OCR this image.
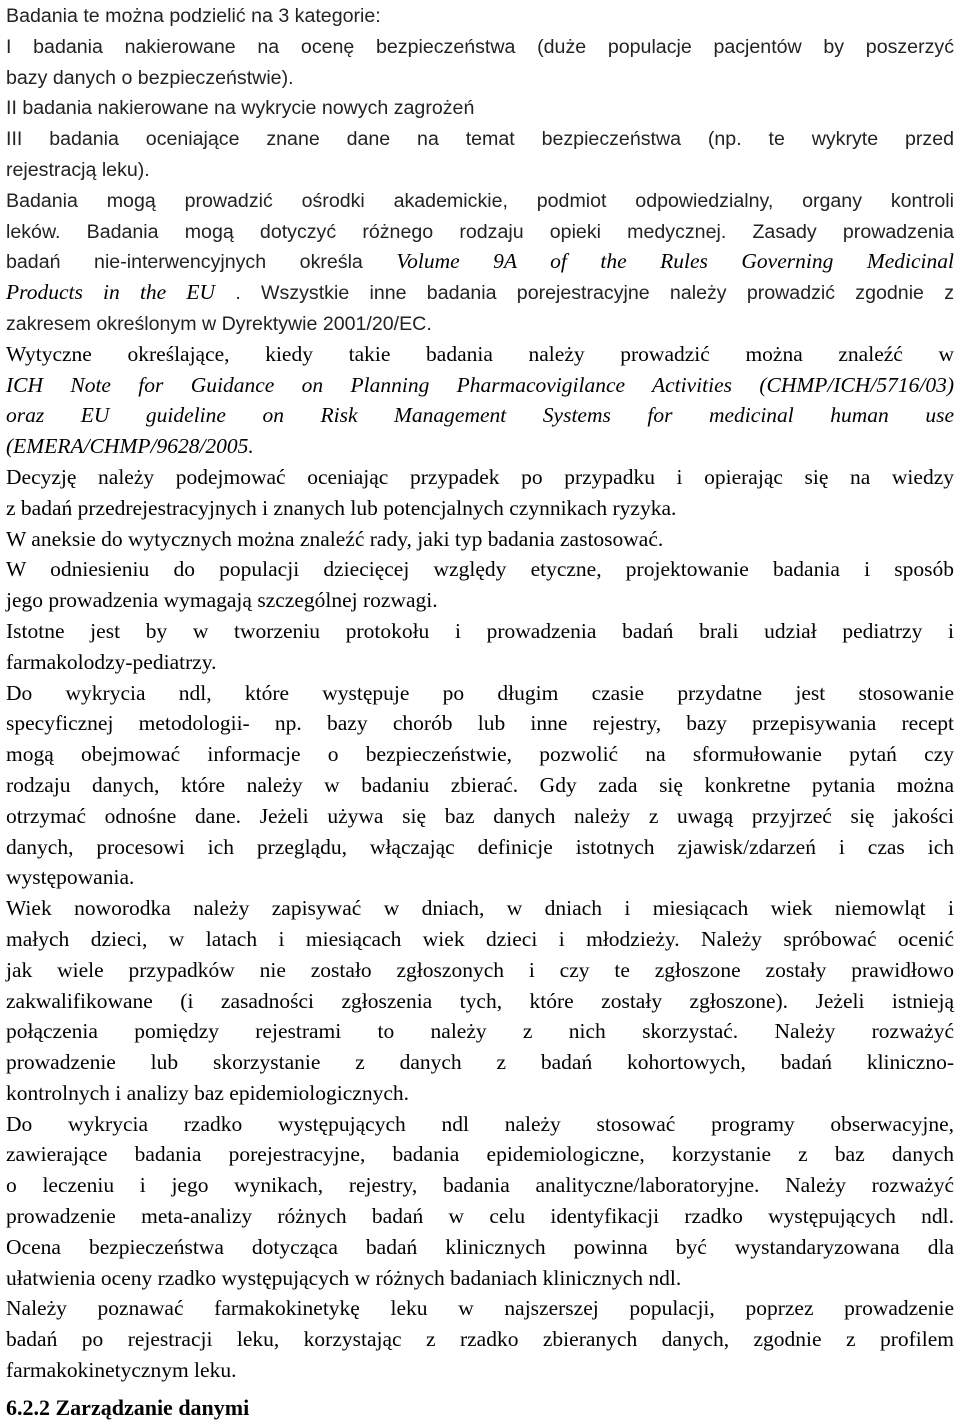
Badania te można podzielić na 3 kategorie:
I badania nakierowane na ocenę bezpieczeństwa (duże populacje pacjentów by poszerzyć
bazy danych o bezpieczeństwie).
II badania nakierowane na wykrycie nowych zagrożeń
III badania oceniające znane dane na temat bezpieczeństwa (np. te wykryte przed
rejestracją leku).
Badania mogą prowadzić ośrodki akademickie, podmiot odpowiedzialny, organy kontroli
leków. Badania mogą dotyczyć różnego rodzaju opieki medycznej. Zasady prowadzenia
badań nie-interwencyjnych określa Volume 9A of the Rules Governing Medicinal
Products in the EU . Wszystkie inne badania porejestracyjne należy prowadzić zgodnie z
zakresem określonym w Dyrektywie 2001/20/EC.
Wytyczne określające, kiedy takie badania należy prowadzić można znaleźć w
ICH Note for Guidance on Planning Pharmacovigilance Activities (CHMP/ICH/5716/03)
oraz EU guideline on Risk Management Systems for medicinal human use
(EMERA/CHMP/9628/2005.
Decyzję należy podejmować oceniając przypadek po przypadku i opierając się na wiedzy
z badań przedrejestracyjnych i znanych lub potencjalnych czynnikach ryzyka.
W aneksie do wytycznych można znaleźć rady, jaki typ badania zastosować.
W odniesieniu do populacji dziecięcej względy etyczne, projektowanie badania i sposób
jego prowadzenia wymagają szczególnej rozwagi.
Istotne jest by w tworzeniu protokołu i prowadzenia badań brali udział pediatrzy i
farmakolodzy-pediatrzy.
Do wykrycia ndl, które występuje po długim czasie przydatne jest stosowanie
specyficznej metodologii- np. bazy chorób lub inne rejestry, bazy przepisywania recept
mogą obejmować informacje o bezpieczeństwie, pozwolić na sformułowanie pytań czy
rodzaju danych, które należy w badaniu zbierać. Gdy zada się konkretne pytania można
otrzymać odnośne dane. Jeżeli używa się baz danych należy z uwagą przyjrzeć się jakości
danych, procesowi ich przeglądu, włączając definicje istotnych zjawisk/zdarzeń i czas ich
występowania.
Wiek noworodka należy zapisywać w dniach, w dniach i miesiącach wiek niemowląt i
małych dzieci, w latach i miesiącach wiek dzieci i młodzieży. Należy spróbować ocenić
jak wiele przypadków nie zostało zgłoszonych i czy te zgłoszone zostały prawidłowo
zakwalifikowane (i zasadności zgłoszenia tych, które zostały zgłoszone). Jeżeli istnieją
połączenia pomiędzy rejestrami to należy z nich skorzystać. Należy rozważyć
prowadzenie lub skorzystanie z danych z badań kohortowych, badań kliniczno-
kontrolnych i analizy baz epidemiologicznych.
Do wykrycia rzadko występujących ndl należy stosować programy obserwacyjne,
zawierające badania porejestracyjne, badania epidemiologiczne, korzystanie z baz danych
o leczeniu i jego wynikach, rejestry, badania analityczne/laboratoryjne. Należy rozważyć
prowadzenie meta-analizy różnych badań w celu identyfikacji rzadko występujących ndl.
Ocena bezpieczeństwa dotycząca badań klinicznych powinna być wystandaryzowana dla
ułatwienia oceny rzadko występujących w różnych badaniach klinicznych ndl.
Należy poznawać farmakokinetykę leku w najszerszej populacji, poprzez prowadzenie
badań po rejestracji leku, korzystając z rzadko zbieranych danych, zgodnie z profilem
farmakokinetycznym leku.
6.2.2 Zarządzanie danymi
